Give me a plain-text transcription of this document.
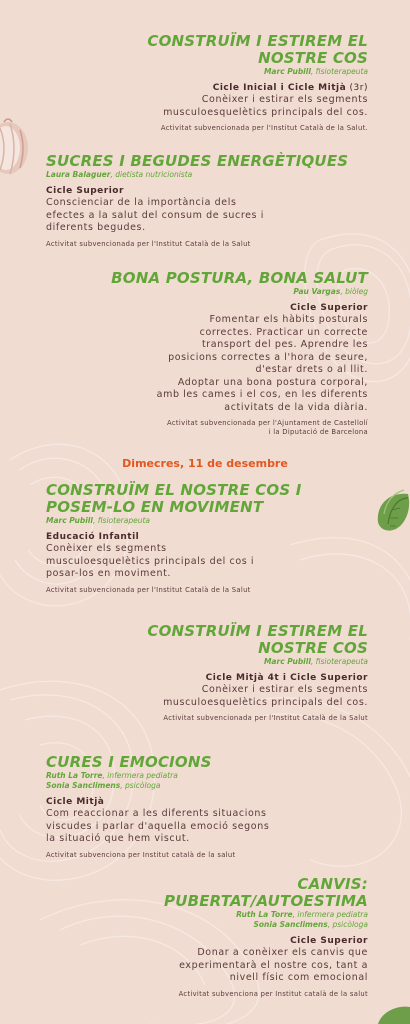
CONSTRUÏM I ESTIREM EL
NOSTRE COS
Marc Pubill, fisioterapeuta
Cicle Inicial i Cicle Mitjà (3r)
Conèixer i estirar els segments
musculoesquelètics principals del cos.
Activitat subvencionada per l'Institut Català de la Salut.
SUCRES I BEGUDES ENERGÈTIQUES
Laura Balaguer, dietista nutricionista
Cicle Superior
Conscienciar de la importància dels
efectes a la salut del consum de sucres i
diferents begudes.
Activitat subvencionada per l'Institut Català de la Salut
BONA POSTURA, BONA SALUT
Pau Vargas, biòleg
Cicle Superior
Fomentar els hàbits posturals
correctes. Practicar un correcte
transport del pes. Aprendre les
posicions correctes a l'hora de seure,
d'estar drets o al llit.
Adoptar una bona postura corporal,
amb les cames i el cos, en les diferents
activitats de la vida diària.
Activitat subvencionada per l'Ajuntament de Castellolí
i la Diputació de Barcelona
Dimecres, 11 de desembre
CONSTRUÏM EL NOSTRE COS I
POSEM-LO EN MOVIMENT
Marc Pubill, fisioterapeuta
Educació Infantil
Conèixer els segments
musculoesquelètics principals del cos i
posar-los en moviment.
Activitat subvencionada per l'Institut Català de la Salut
CONSTRUÏM I ESTIREM EL
NOSTRE COS
Marc Pubill, fisioterapeuta
Cicle Mitjà 4t i Cicle Superior
Conèixer i estirar els segments
musculoesquelètics principals del cos.
Activitat subvencionada per l'Institut Català de la Salut
CURES I EMOCIONS
Ruth La Torre, infermera pediatra
Sonia Sanclimens, psicòloga
Cicle Mitjà
Com reaccionar a les diferents situacions
viscudes i parlar d'aquella emoció segons
la situació que hem viscut.
Activitat subvenciona per Institut català de la salut
CANVIS:
PUBERTAT/AUTOESTIMA
Ruth La Torre, infermera pediatra
Sonia Sanclimens, psicòloga
Cicle Superior
Donar a conèixer els canvis que
experimentarà el nostre cos, tant a
nivell físic com emocional
Activitat subvenciona per Institut català de la salut
